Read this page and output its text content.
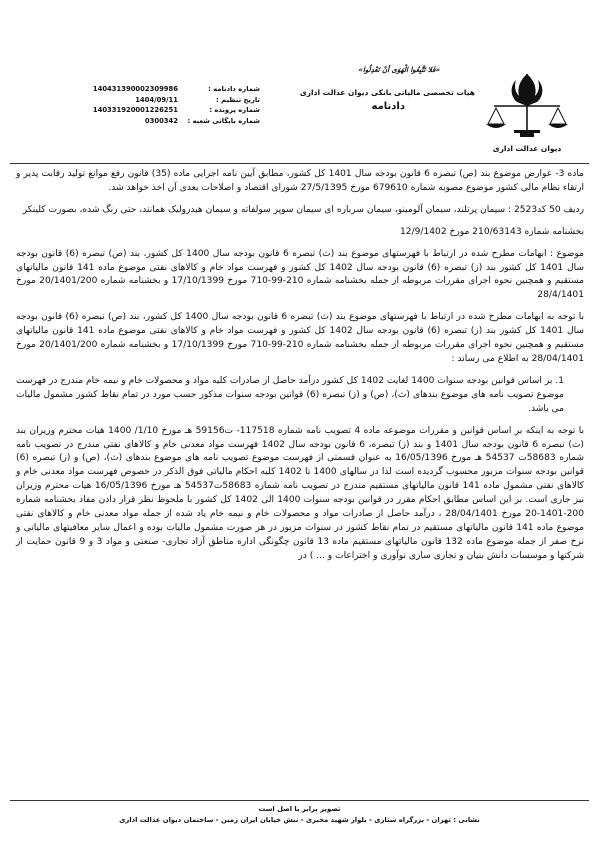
دیوان عدالت اداری
«فَلا تَتَّبِعُوا الْهَوَى أنْ تَعْدِلُوا»
هیات تخصصی مالیاتی بانکی دیوان عدالت اداری
دادنامه
شماره دادنامه :
140431390002309986
تاریخ تنظیم :
1404/09/11
شماره پرونده :
140331920001226251
شماره بایگانی شعبه :
0300342

ماده 3- عوارض موضوع بند (ص) تبصره 6 قانون بودجه سال 1401 کل کشور، مطابق آیین نامه اجرایی ماده (35) قانون رفع موانع تولید رقابت پذیر و ارتقاء نظام مالی کشور موضوع مصوبه شماره 679610 مورخ 27/5/1395 شورای اقتصاد و اصلاحات بعدی آن اخذ خواهد شد.

ردیف 50 کد2523 : سیمان پرتلند، سیمان آلومینو، سیمان سرباره ای سیمان سوپر سولفاته و سیمان هیدرولیک همانند، حتی رنگ شده، بصورت کلینکر

بخشنامه شماره 210/63143 مورخ 12/9/1402

موضوع : ابهامات مطرح شده در ارتباط با فهرستهای موضوع بند (ث) تبصره 6 قانون بودجه سال 1400 کل کشور، بند (ص) تبصره (6) قانون بودجه سال 1401 کل کشور بند (ز) تبصره (6) قانون بودجه سال 1402 کل کشور و فهرست مواد خام و کالاهای نفتی موضوع ماده 141 قانون مالیاتهای مستقیم و همچنین نحوه اجرای مقررات مربوطه از جمله بخشنامه شماره 210-99-710 مورخ 17/10/1399 و بخشنامه شماره 20/1401/200 مورخ 28/4/1401

با توجه به ابهامات مطرح شده در ارتباط با فهرستهای موضوع بند (ث) تبصره 6 قانون بودجه سال 1400 کل کشور، بند (ص) تبصره (6) قانون بودجه سال 1401 کل کشور بند (ز) تبصره (6) قانون بودجه سال 1402 کل کشور و فهرست مواد خام و کالاهای نفتی موضوع ماده 141 قانون مالیاتهای مستقیم و همچنین نحوه اجرای مقررات مربوطه از جمله بخشنامه شماره 210-99-710 مورخ 17/10/1399 و بخشنامه شماره 20/1401/200 مورخ 28/04/1401 به اطلاع می رساند :

1. بر اساس قوانین بودجه سنوات 1400 لغایت 1402 کل کشور درآمد حاصل از صادرات کلیه مواد و محصولات خام و نیمه خام مندرج در فهرست موضوع تصویب نامه های موضوع بندهای (ث)، (ص) و (ز) تبصره (6) قوانین بودجه سنوات مذکور حسب مورد در تمام نقاط کشور مشمول مالیات می باشد.

با توجه به اینکه بر اساس قوانین و مقررات موضوعه ماده 4 تصویب نامه شماره 117518- ت59156 هـ مورخ 1/10/ 1400 هیات محترم وزیران بند (ث) تبصره 6 قانون بودجه سال 1401 و بند (ز) تبصره، 6 قانون بودجه سال 1402 فهرست مواد معدنی خام و کالاهای نفتی مندرج در تصویب نامه شماره 58683ت 54537 هـ مورخ 16/05/1396 به عنوان قسمتی از فهرست موضوع تصویب نامه های موضوع بندهای (ث)، (ص) و (ز) تبصره (6) قوانین بودجه سنوات مزبور محسوب گردیده است لذا در سالهای 1400 تا 1402 کلیه احکام مالیاتی فوق الذکر در خصوص فهرست مواد معدنی خام و کالاهای نفتی مشمول ماده 141 قانون مالیاتهای مستقیم مندرج در تصویب نامه شماره 58683ت54537 هـ مورخ 16/05/1396 هیات محترم وزیران نیز جاری است. بر این اساس مطابق احکام مقرر در قوانین بودجه سنوات 1400 الی 1402 کل کشور با ملحوظ نظر قرار دادن مفاد بخشنامه شماره 200-1401-20 مورخ 28/04/1401 ، درآمد حاصل از صادرات مواد و محصولات خام و نیمه خام یاد شده از جمله مواد معدنی خام و کالاهای نفتی موضوع ماده 141 قانون مالیاتهای مستقیم در تمام نقاط کشور در سنوات مزبور در هر صورت مشمول مالیات بوده و اعمال سایر معافیتهای مالیاتی و نرخ صفر از جمله موضوع ماده 132 قانون مالیاتهای مستقیم ماده 13 قانون چگونگی اداره مناطق آزاد تجاری- صنعتی و مواد 3 و 9 قانون حمایت از شرکتها و موسسات دانش بنیان و تجاری سازی نوآوری و اختراعات و ... ) در

تصویر برابر با اصل است
نشانی : تهران - بزرگراه ستاری - بلوار شهید مخبری - نبش خیابان ایران زمین - ساختمان دیوان عدالت اداری
